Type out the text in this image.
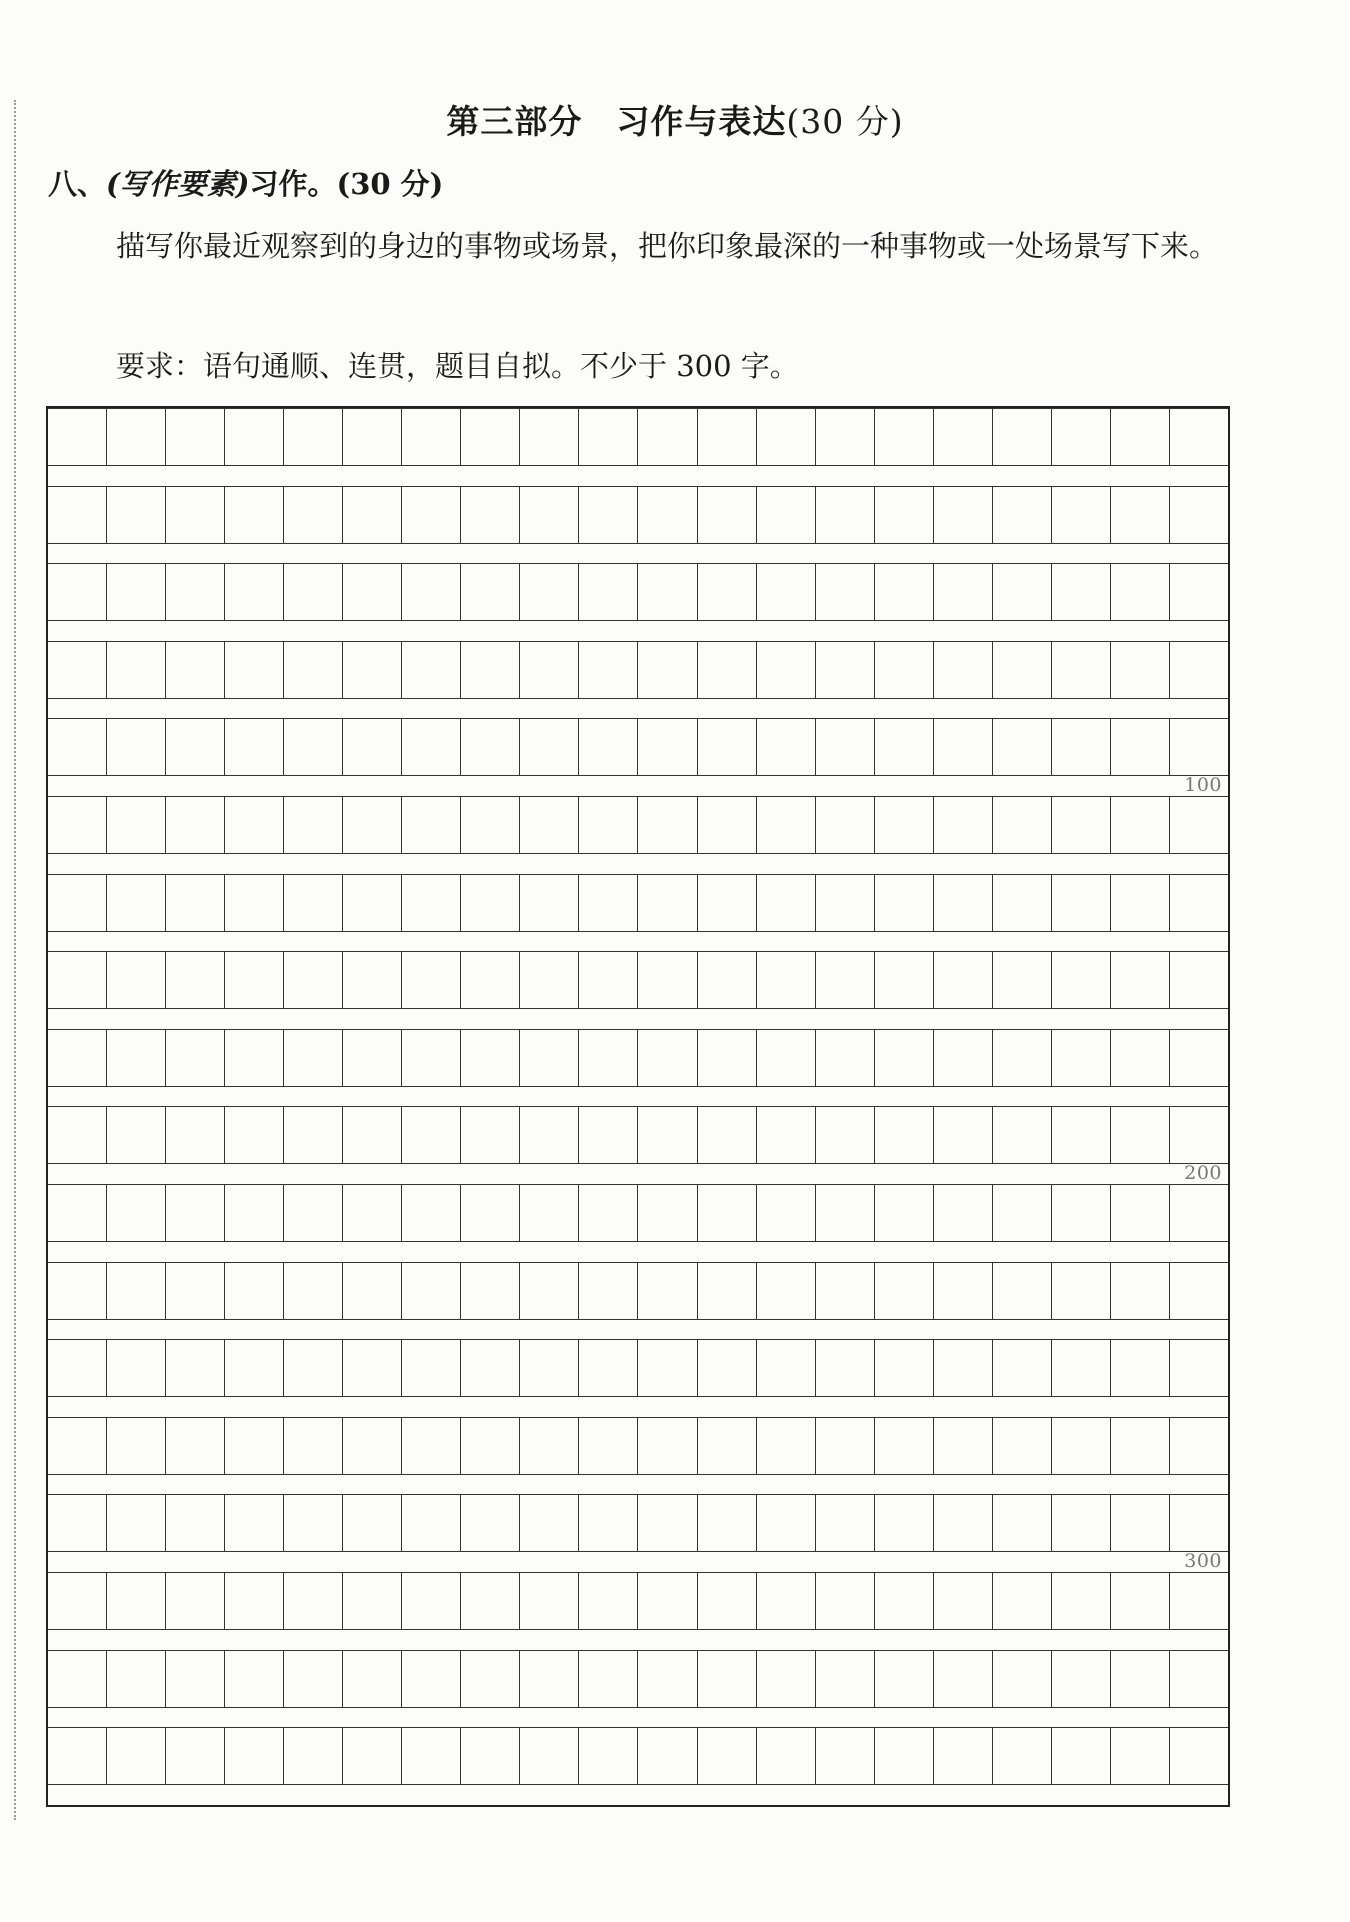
第三部分　习作与表达(30 分)
八、(写作要素)习作。(30 分)
描写你最近观察到的身边的事物或场景，把你印象最深的一种事物或一处场景写下来。
要求：语句通顺、连贯，题目自拟。不少于 300 字。
100
200
300
